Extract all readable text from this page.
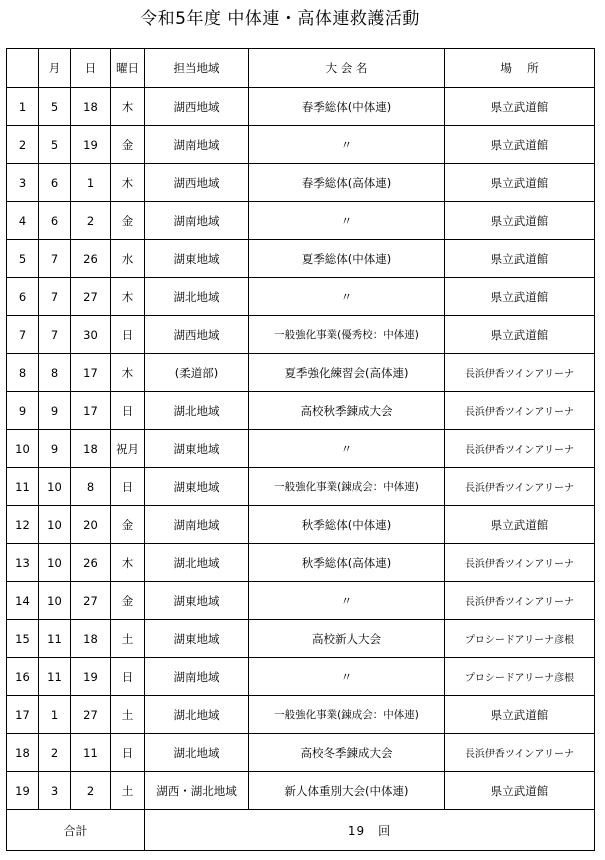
令和5年度 中体連・高体連救護活動
	月	日	曜日	担当地域	大 会 名	場　 所
1	5	18	木	湖西地域	春季総体(中体連)	県立武道館
2	5	19	金	湖南地域	〃	県立武道館
3	6	1	木	湖西地域	春季総体(高体連)	県立武道館
4	6	2	金	湖南地域	〃	県立武道館
5	7	26	水	湖東地域	夏季総体(中体連)	県立武道館
6	7	27	木	湖北地域	〃	県立武道館
7	7	30	日	湖西地域	一般強化事業(優秀校：中体連)	県立武道館
8	8	17	木	(柔道部)	夏季強化練習会(高体連)	長浜伊香ツインアリーナ
9	9	17	日	湖北地域	高校秋季錬成大会	長浜伊香ツインアリーナ
10	9	18	祝月	湖東地域	〃	長浜伊香ツインアリーナ
11	10	8	日	湖東地域	一般強化事業(錬成会：中体連)	長浜伊香ツインアリーナ
12	10	20	金	湖南地域	秋季総体(中体連)	県立武道館
13	10	26	木	湖北地域	秋季総体(高体連)	長浜伊香ツインアリーナ
14	10	27	金	湖東地域	〃	長浜伊香ツインアリーナ
15	11	18	土	湖東地域	高校新人大会	プロシードアリーナ彦根
16	11	19	日	湖南地域	〃	プロシードアリーナ彦根
17	1	27	土	湖北地域	一般強化事業(錬成会：中体連)	県立武道館
18	2	11	日	湖北地域	高校冬季錬成大会	長浜伊香ツインアリーナ
19	3	2	土	湖西・湖北地域	新人体重別大会(中体連)	県立武道館
合計				19　回		
